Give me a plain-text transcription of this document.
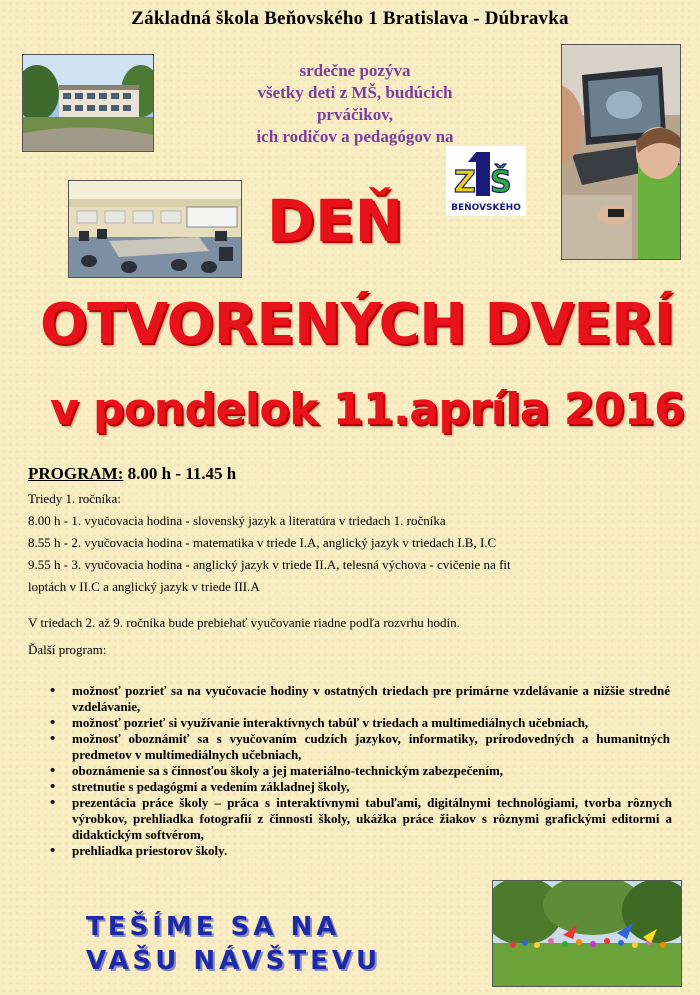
Základná škola Beňovského 1 Bratislava - Dúbravka
srdečne pozýva
všetky deti z MŠ, budúcich prváčikov,
ich rodičov a pedagógov na
Z Š
BEŇOVSKÉHO
DEŇ
OTVORENÝCH DVERÍ
v pondelok 11.apríla 2016
PROGRAM: 8.00 h - 11.45 h
Triedy 1. ročníka:
8.00 h - 1. vyučovacia hodina - slovenský jazyk a literatúra v triedach 1. ročníka
8.55 h - 2. vyučovacia hodina - matematika v triede I.A, anglický jazyk v triedach I.B, I.C
9.55 h - 3. vyučovacia hodina - anglický jazyk v triede II.A, telesná výchova - cvičenie na fit
loptách v II.C a anglický jazyk v triede III.A
V triedach 2. až 9. ročníka bude prebiehať vyučovanie riadne podľa rozvrhu hodín.
Ďalší program:
• možnosť pozrieť sa na vyučovacie hodiny v ostatných triedach pre primárne vzdelávanie a nižšie stredné vzdelávanie,
• možnosť pozrieť si využívanie interaktívnych tabúľ v triedach a multimediálnych učebniach,
• možnosť oboznámiť sa s vyučovaním cudzích jazykov, informatiky, prírodovedných a humanitných predmetov v multimediálnych učebniach,
• oboznámenie sa s činnosťou školy a jej materiálno-technickým zabezpečením,
• stretnutie s pedagógmi a vedením základnej školy,
• prezentácia práce školy – práca s interaktívnymi tabuľami, digitálnymi technológiami, tvorba rôznych výrobkov, prehliadka fotografií z činnosti školy, ukážka práce žiakov s rôznymi grafickými editormi a didaktickým softvérom,
• prehliadka priestorov školy.
TEŠÍME SA NA
VAŠU NÁVŠTEVU
